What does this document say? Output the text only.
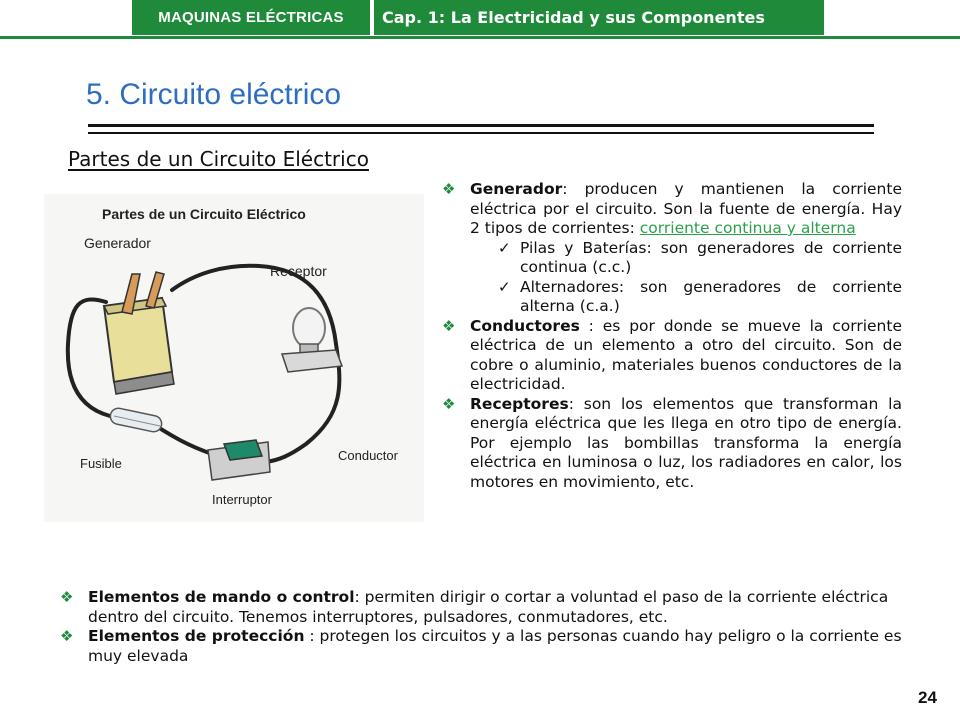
MAQUINAS ELÉCTRICAS	Cap. 1: La Electricidad y sus Componentes
5. Circuito eléctrico
Partes de un Circuito Eléctrico
Partes de un Circuito Eléctrico
Generador
Receptor
Fusible
Interruptor
Conductor

❖ Generador: producen y mantienen la corriente eléctrica por el circuito. Son la fuente de energía. Hay 2 tipos de corrientes: corriente continua y alterna

✓ Pilas y Baterías: son generadores de corriente continua (c.c.)

✓ Alternadores: son generadores de corriente alterna (c.a.)

❖ Conductores : es por donde se mueve la corriente eléctrica de un elemento a otro del circuito. Son de cobre o aluminio, materiales buenos conductores de la electricidad.

❖ Receptores: son los elementos que transforman la energía eléctrica que les llega en otro tipo de energía. Por ejemplo las bombillas transforma la energía eléctrica en luminosa o luz, los radiadores en calor, los motores en movimiento, etc.

❖ Elementos de mando o control: permiten dirigir o cortar a voluntad el paso de la corriente eléctrica dentro del circuito. Tenemos interruptores, pulsadores, conmutadores, etc.

❖ Elementos de protección : protegen los circuitos y a las personas cuando hay peligro o la corriente es muy elevada

24
